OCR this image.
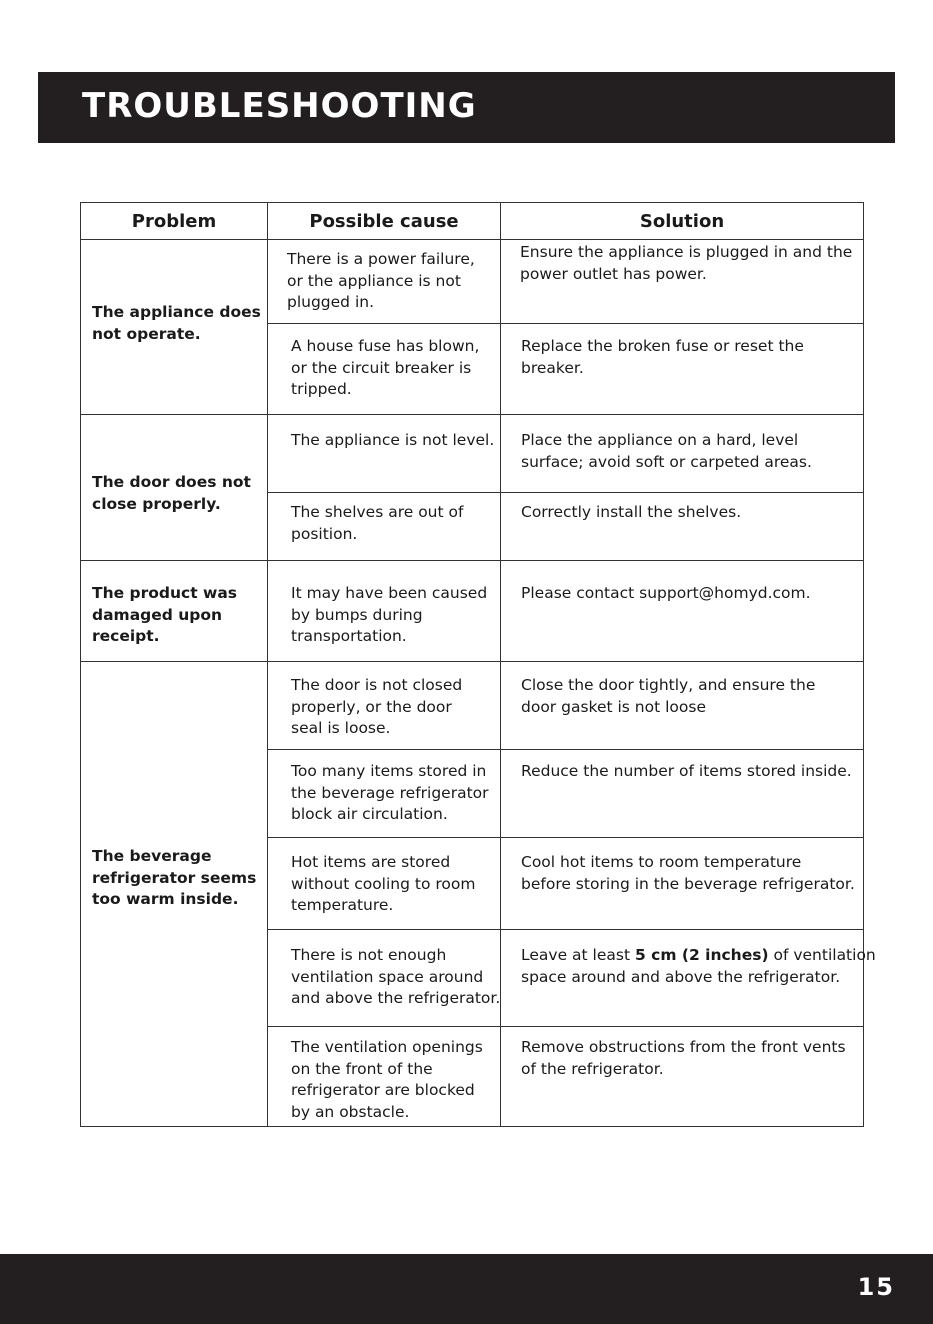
TROUBLESHOOTING
Problem	Possible cause	Solution
The appliance does
not operate.
The door does not
close properly.
The product was
damaged upon
receipt.
The beverage
refrigerator seems
too warm inside.
There is a power failure,
or the appliance is not
plugged in.
Ensure the appliance is plugged in and the
power outlet has power.
A house fuse has blown,
or the circuit breaker is
tripped.
Replace the broken fuse or reset the
breaker.
The appliance is not level. Place the appliance on a hard, level
surface; avoid soft or carpeted areas.
The shelves are out of
position.
Correctly install the shelves.
It may have been caused
by bumps during
transportation.
Please contact support@homyd.com.
The door is not closed
properly, or the door
seal is loose.
Close the door tightly, and ensure the
door gasket is not loose
Too many items stored in
the beverage refrigerator
block air circulation.
Reduce the number of items stored inside.
Hot items are stored
without cooling to room
temperature.
Cool hot items to room temperature
before storing in the beverage refrigerator.
There is not enough
ventilation space around
and above the refrigerator.
Leave at least 5 cm (2 inches) of ventilation
space around and above the refrigerator.
The ventilation openings
on the front of the
refrigerator are blocked
by an obstacle.
Remove obstructions from the front vents
of the refrigerator.
15
